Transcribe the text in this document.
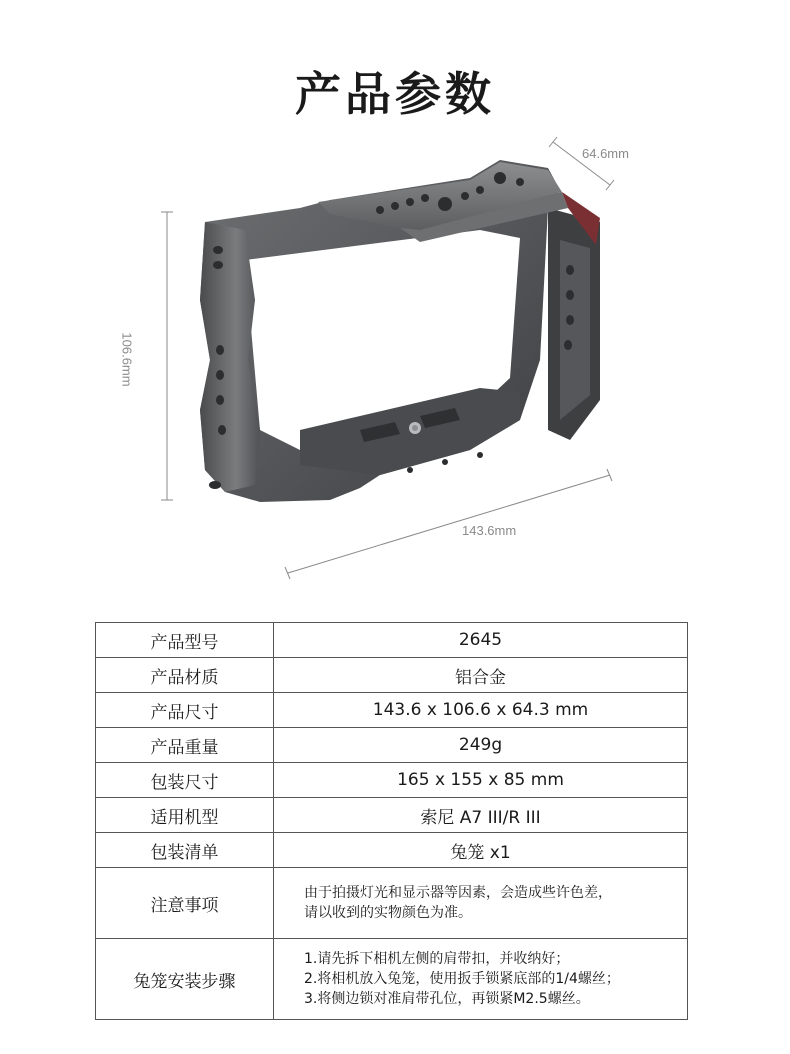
产品参数
64.6mm
106.6mm
143.6mm
产品型号	2645
产品材质	铝合金
产品尺寸	143.6 x 106.6 x 64.3 mm
产品重量	249g
包装尺寸	165 x 155 x 85 mm
适用机型	索尼 A7 III/R III
包装清单	兔笼 x1
注意事项	由于拍摄灯光和显示器等因素，会造成些许色差，
请以收到的实物颜色为准。

兔笼安装步骤	1.请先拆下相机左侧的肩带扣，并收纳好；
2.将相机放入兔笼，使用扳手锁紧底部的1/4螺丝；
3.将侧边锁对准肩带孔位，再锁紧M2.5螺丝。
